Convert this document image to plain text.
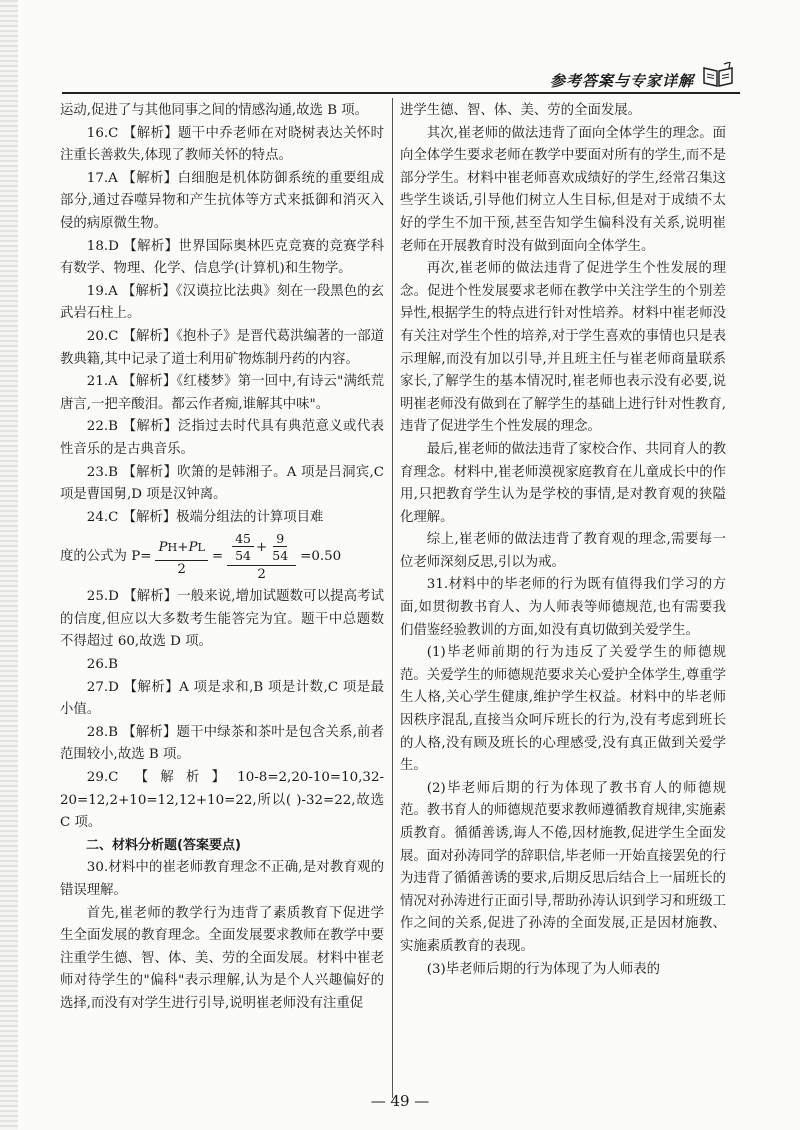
参考答案与专家详解

运动,促进了与其他同事之间的情感沟通,故选 B 项。

16.C 【解析】题干中乔老师在对晓树表达关怀时注重长善救失,体现了教师关怀的特点。

17.A 【解析】白细胞是机体防御系统的重要组成部分,通过吞噬异物和产生抗体等方式来抵御和消灭入侵的病原微生物。

18.D 【解析】世界国际奥林匹克竞赛的竞赛学科有数学、物理、化学、信息学(计算机)和生物学。

19.A 【解析】《汉谟拉比法典》刻在一段黑色的玄武岩石柱上。

20.C 【解析】《抱朴子》是晋代葛洪编著的一部道教典籍,其中记录了道士利用矿物炼制丹药的内容。

21.A 【解析】《红楼梦》第一回中,有诗云"满纸荒唐言,一把辛酸泪。都云作者痴,谁解其中味"。

22.B 【解析】泛指过去时代具有典范意义或代表性音乐的是古典音乐。

23.B 【解析】吹箫的是韩湘子。A 项是吕洞宾,C 项是曹国舅,D 项是汉钟离。

24.C 【解析】极端分组法的计算项目难

度的公式为 $P= \frac{\text{P H + P L}}{2} = \frac{\frac{45}{54} + \frac{9}{54}}{2} =0.50$

25.D 【解析】一般来说,增加试题数可以提高考试的信度,但应以大多数考生能答完为宜。题干中总题数不得超过 60,故选 D 项。

26.B

27.D 【解析】A 项是求和,B 项是计数,C 项是最小值。

28.B 【解析】题干中绿茶和茶叶是包含关系,前者范围较小,故选 B 项。

29.C 【解析】10-8=2,20-10=10,32-20=12,2+10=12,12+10=22,所以( )-32=22,故选 C 项。

二、材料分析题(答案要点)

30.材料中的崔老师教育理念不正确,是对教育观的错误理解。

首先,崔老师的教学行为违背了素质教育下促进学生全面发展的教育理念。全面发展要求教师在教学中要注重学生德、智、体、美、劳的全面发展。材料中崔老师对待学生的"偏科"表示理解,认为是个人兴趣偏好的选择,而没有对学生进行引导,说明崔老师没有注重促

进学生德、智、体、美、劳的全面发展。

其次,崔老师的做法违背了面向全体学生的理念。面向全体学生要求老师在教学中要面对所有的学生,而不是部分学生。材料中崔老师喜欢成绩好的学生,经常召集这些学生谈话,引导他们树立人生目标,但是对于成绩不太好的学生不加干预,甚至告知学生偏科没有关系,说明崔老师在开展教育时没有做到面向全体学生。

再次,崔老师的做法违背了促进学生个性发展的理念。促进个性发展要求老师在教学中关注学生的个别差异性,根据学生的特点进行针对性培养。材料中崔老师没有关注对学生个性的培养,对于学生喜欢的事情也只是表示理解,而没有加以引导,并且班主任与崔老师商量联系家长,了解学生的基本情况时,崔老师也表示没有必要,说明崔老师没有做到在了解学生的基础上进行针对性教育,违背了促进学生个性发展的理念。

最后,崔老师的做法违背了家校合作、共同育人的教育理念。材料中,崔老师漠视家庭教育在儿童成长中的作用,只把教育学生认为是学校的事情,是对教育观的狭隘化理解。

综上,崔老师的做法违背了教育观的理念,需要每一位老师深刻反思,引以为戒。

31.材料中的毕老师的行为既有值得我们学习的方面,如贯彻教书育人、为人师表等师德规范,也有需要我们借鉴经验教训的方面,如没有真切做到关爱学生。

(1)毕老师前期的行为违反了关爱学生的师德规范。关爱学生的师德规范要求关心爱护全体学生,尊重学生人格,关心学生健康,维护学生权益。材料中的毕老师因秩序混乱,直接当众呵斥班长的行为,没有考虑到班长的人格,没有顾及班长的心理感受,没有真正做到关爱学生。

(2)毕老师后期的行为体现了教书育人的师德规范。教书育人的师德规范要求教师遵循教育规律,实施素质教育。循循善诱,诲人不倦,因材施教,促进学生全面发展。面对孙涛同学的辞职信,毕老师一开始直接罢免的行为违背了循循善诱的要求,后期反思后结合上一届班长的情况对孙涛进行正面引导,帮助孙涛认识到学习和班级工作之间的关系,促进了孙涛的全面发展,正是因材施教、实施素质教育的表现。

(3)毕老师后期的行为体现了为人师表的

— 49 —
